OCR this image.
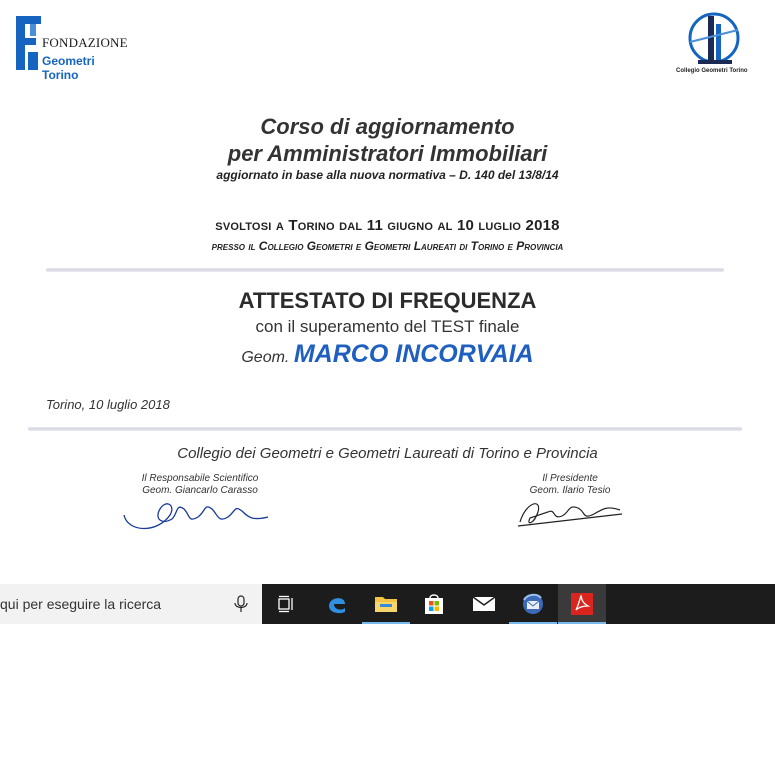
FONDAZIONE
Geometri Torino	Collegio Geometri Torino
Corso di aggiornamento
per Amministratori Immobiliari
aggiornato in base alla nuova normativa – D. 140 del 13/8/14
svoltosi a Torino dal 11 giugno al 10 luglio 2018
presso il Collegio Geometri e Geometri Laureati di Torino e Provincia
ATTESTATO DI FREQUENZA
con il superamento del TEST finale
Geom. MARCO INCORVAIA
Torino, 10 luglio 2018
Collegio dei Geometri e Geometri Laureati di Torino e Provincia
Il Responsabile Scientifico
Geom. Giancarlo Carasso
Il Presidente
Geom. Ilario Tesio
qui per eseguire la ricerca
